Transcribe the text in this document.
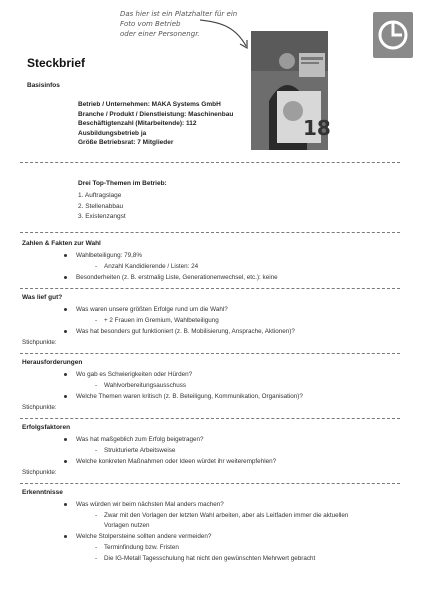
Das hier ist ein Platzhalter für ein
Foto vom Betrieb
oder einer Personengr.
18
Steckbrief
Basisinfos
Betrieb / Unternehmen: MAKA Systems GmbH
Branche / Produkt / Dienstleistung: Maschinenbau
Beschäftigtenzahl (Mitarbeitende): 112
Ausbildungsbetrieb ja
Größe Betriebsrat: 7 Mitglieder
Drei Top-Themen im Betrieb:
1. Auftragslage
2. Stellenabbau
3. Existenzangst
Zahlen & Fakten zur Wahl
Wahlbeteiligung: 79,8%
- Anzahl Kandidierende / Listen: 24
Besonderheiten (z. B. erstmalig Liste, Generationenwechsel, etc.): keine
Was lief gut?
Was waren unsere größten Erfolge rund um die Wahl?
- + 2 Frauen im Gremium, Wahlbeteiligung
Was hat besonders gut funktioniert (z. B. Mobilisierung, Ansprache, Aktionen)?
Stichpunkte:
Herausforderungen
Wo gab es Schwierigkeiten oder Hürden?
- Wahlvorbereitungsausschuss
Welche Themen waren kritisch (z. B. Beteiligung, Kommunikation, Organisation)?
Stichpunkte:
Erfolgsfaktoren
Was hat maßgeblich zum Erfolg beigetragen?
- Strukturierte Arbeitsweise
Welche konkreten Maßnahmen oder Ideen würdet ihr weiterempfehlen?
Stichpunkte:
Erkenntnisse
Was würden wir beim nächsten Mal anders machen?
- Zwar mit den Vorlagen der letzten Wahl arbeiten, aber als Leitfaden immer die aktuellen
Vorlagen nutzen
Welche Stolpersteine sollten andere vermeiden?
- Terminfindung bzw. Fristen
- Die IG-Metall Tagesschulung hat nicht den gewünschten Mehrwert gebracht
